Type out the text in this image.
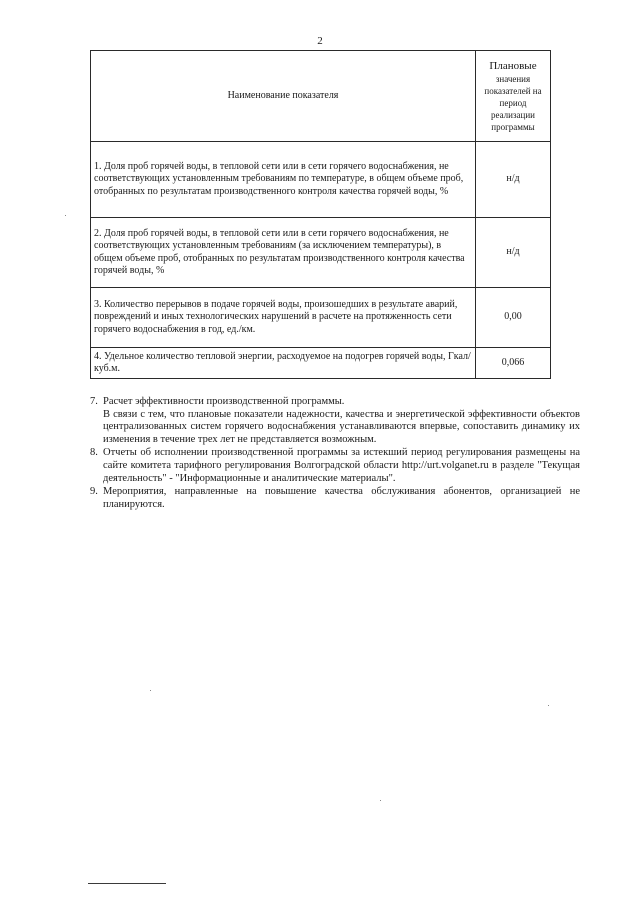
2
Наименование показателя	Плановые
значения показателей на период реализации программы
1. Доля проб горячей воды, в тепловой сети или в сети горячего водоснабжения, не соответствующих установленным требованиям по температуре, в общем объеме проб, отобранных по результатам производственного контроля качества горячей воды, %	н/д
2. Доля проб горячей воды, в тепловой сети или в сети горячего водоснабжения, не соответствующих установленным требованиям (за исключением температуры), в общем объеме проб, отобранных по результатам производственного контроля качества горячей воды, %	н/д
3. Количество перерывов в подаче горячей воды, произошедших в результате аварий, повреждений и иных технологических нарушений в расчете на протяженность сети горячего водоснабжения в год, ед./км.	0,00
4. Удельное количество тепловой энергии, расходуемое на подогрев горячей воды, Гкал/куб.м.	0,066
7. Расчет эффективности производственной программы.
В связи с тем, что плановые показатели надежности, качества и энергетической эффективности объектов централизованных систем горячего водоснабжения устанавливаются впервые, сопоставить динамику их изменения в течение трех лет не представляется возможным.
8. Отчеты об исполнении производственной программы за истекший период регулирования размещены на сайте комитета тарифного регулирования Волгоградской области http://urt.volganet.ru в разделе "Текущая деятельность" - "Информационные и аналитические материалы".
9. Мероприятия, направленные на повышение качества обслуживания абонентов, организацией не планируются.
